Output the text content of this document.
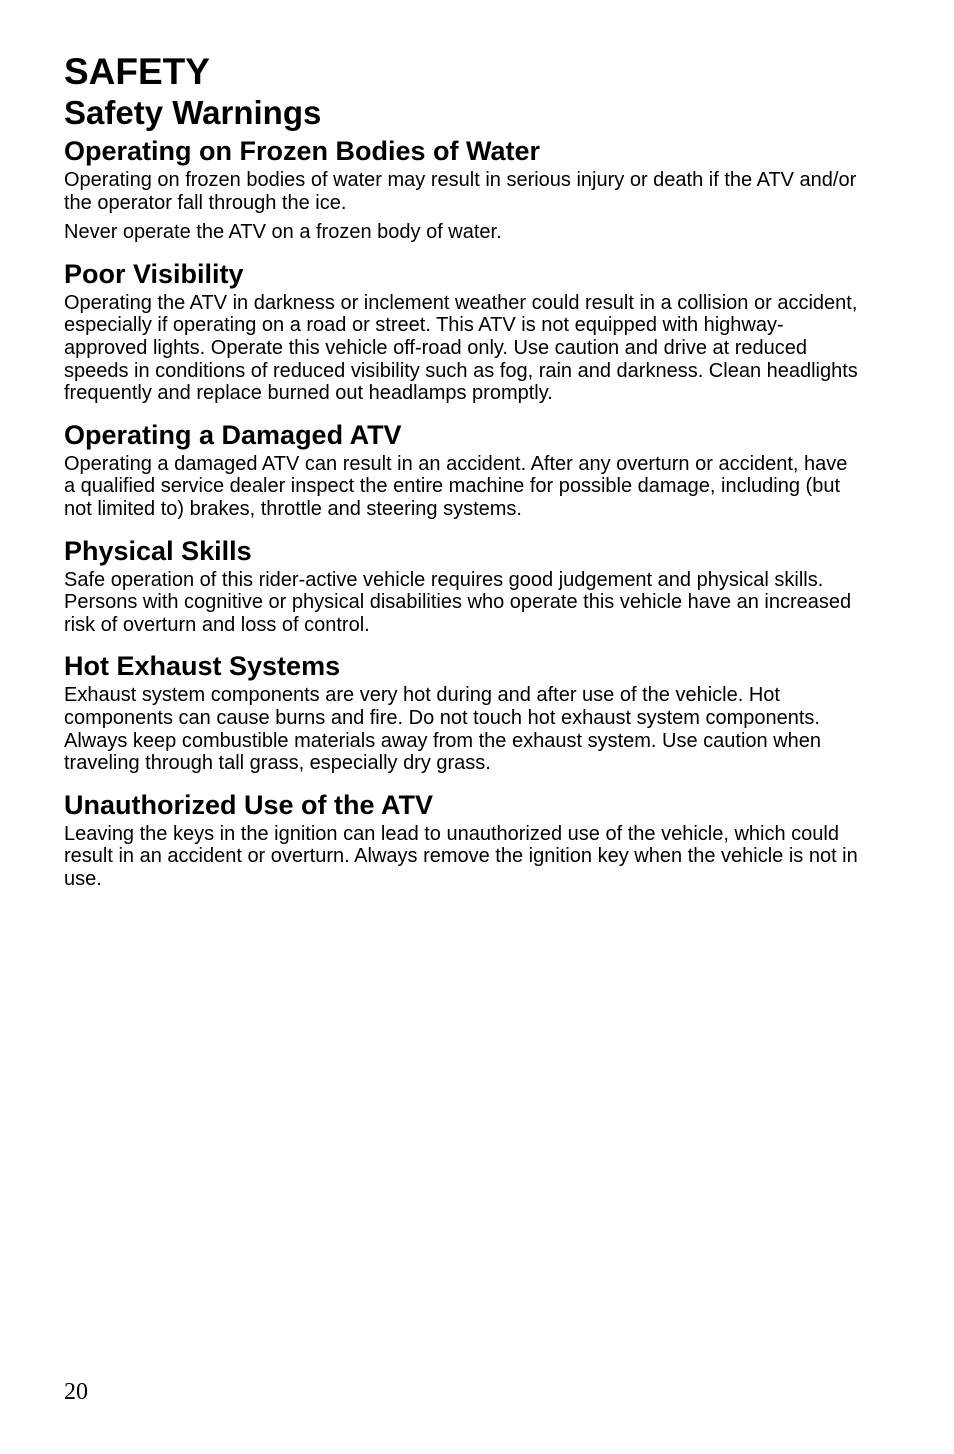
SAFETY
Safety Warnings
Operating on Frozen Bodies of Water

Operating on frozen bodies of water may result in serious injury or death if the ATV and/or the operator fall through the ice.

Never operate the ATV on a frozen body of water.

Poor Visibility

Operating the ATV in darkness or inclement weather could result in a collision or accident, especially if operating on a road or street. This ATV is not equipped with highway-approved lights. Operate this vehicle off-road only. Use caution and drive at reduced speeds in conditions of reduced visibility such as fog, rain and darkness. Clean headlights frequently and replace burned out headlamps promptly.

Operating a Damaged ATV

Operating a damaged ATV can result in an accident. After any overturn or accident, have a qualified service dealer inspect the entire machine for possible damage, including (but not limited to) brakes, throttle and steering systems.

Physical Skills

Safe operation of this rider-active vehicle requires good judgement and physical skills. Persons with cognitive or physical disabilities who operate this vehicle have an increased risk of overturn and loss of control.

Hot Exhaust Systems

Exhaust system components are very hot during and after use of the vehicle. Hot components can cause burns and fire. Do not touch hot exhaust system components. Always keep combustible materials away from the exhaust system. Use caution when traveling through tall grass, especially dry grass.

Unauthorized Use of the ATV

Leaving the keys in the ignition can lead to unauthorized use of the vehicle, which could result in an accident or overturn. Always remove the ignition key when the vehicle is not in use.

20
